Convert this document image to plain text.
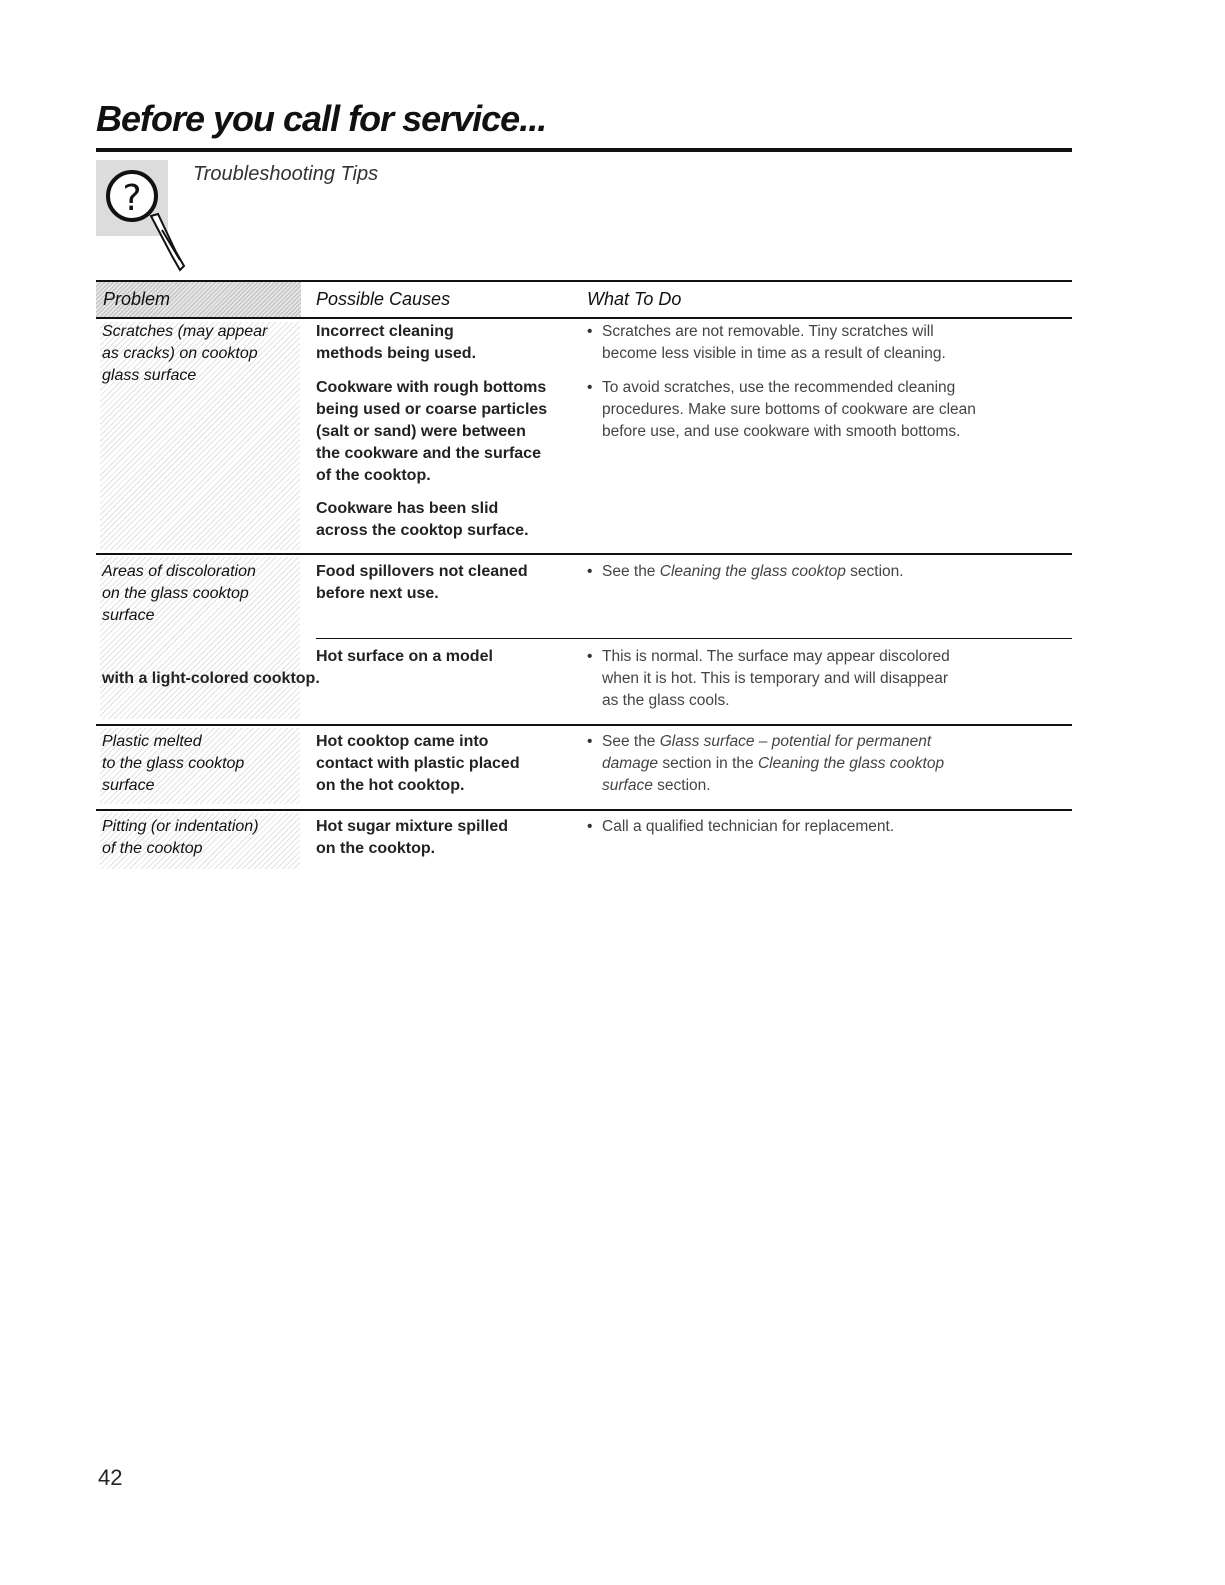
Before you call for service...
?
Troubleshooting Tips
Problem	Possible Causes	What To Do
Scratches (may appear
as cracks) on cooktop
glass surface
Incorrect cleaning
methods being used.
Cookware with rough bottoms
being used or coarse particles
(salt or sand) were between
the cookware and the surface
of the cooktop.
Cookware has been slid
across the cooktop surface.
• Scratches are not removable. Tiny scratches will
become less visible in time as a result of cleaning.
• To avoid scratches, use the recommended cleaning
procedures. Make sure bottoms of cookware are clean
before use, and use cookware with smooth bottoms.
Areas of discoloration
on the glass cooktop
surface
Food spillovers not cleaned
before next use.
• See the Cleaning the glass cooktop section.
Hot surface on a model
with a light-colored cooktop.
• This is normal. The surface may appear discolored
when it is hot. This is temporary and will disappear
as the glass cools.
Plastic melted
to the glass cooktop
surface
Hot cooktop came into
contact with plastic placed
on the hot cooktop.
• See the Glass surface – potential for permanent
damage section in the Cleaning the glass cooktop
surface section.
Pitting (or indentation)
of the cooktop
Hot sugar mixture spilled
on the cooktop.
• Call a qualified technician for replacement.
42
